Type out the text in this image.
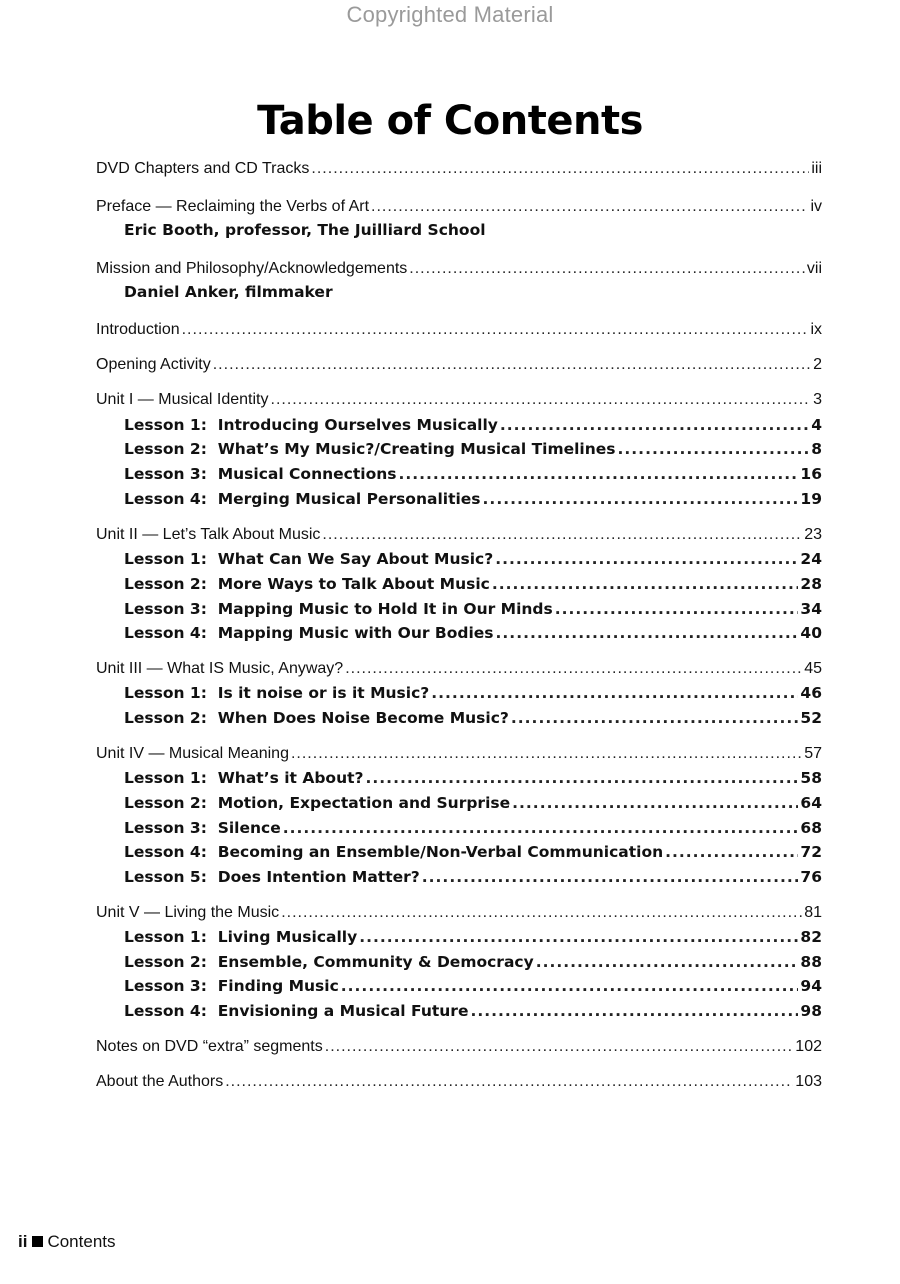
Copyrighted Material
Table of Contents
DVD Chapters and CD Tracks .....	iii
Preface — Reclaiming the Verbs of Art .....	iv
Eric Booth, professor, The Juilliard School
Mission and Philosophy/Acknowledgements .....	vii
Daniel Anker, filmmaker
Introduction .....	ix
Opening Activity .....	2
Unit I — Musical Identity .....	3
Lesson 1:  Introducing Ourselves Musically .....	4
Lesson 2:  What’s My Music?/Creating Musical Timelines .....	8
Lesson 3:  Musical Connections .....	16
Lesson 4:  Merging Musical Personalities .....	19
Unit II — Let’s Talk About Music .....	23
Lesson 1:  What Can We Say About Music? .....	24
Lesson 2:  More Ways to Talk About Music .....	28
Lesson 3:  Mapping Music to Hold It in Our Minds .....	34
Lesson 4:  Mapping Music with Our Bodies .....	40
Unit III — What IS Music, Anyway? .....	45
Lesson 1:  Is it noise or is it Music? .....	46
Lesson 2:  When Does Noise Become Music? .....	52
Unit IV — Musical Meaning .....	57
Lesson 1:  What’s it About? .....	58
Lesson 2:  Motion, Expectation and Surprise .....	64
Lesson 3:  Silence .....	68
Lesson 4:  Becoming an Ensemble/Non-Verbal Communication .....	72
Lesson 5:  Does Intention Matter? .....	76
Unit V — Living the Music .....	81
Lesson 1:  Living Musically .....	82
Lesson 2:  Ensemble, Community & Democracy .....	88
Lesson 3:  Finding Music .....	94
Lesson 4:  Envisioning a Musical Future .....	98
Notes on DVD “extra” segments .....	102
About the Authors .....	103
ii Contents
